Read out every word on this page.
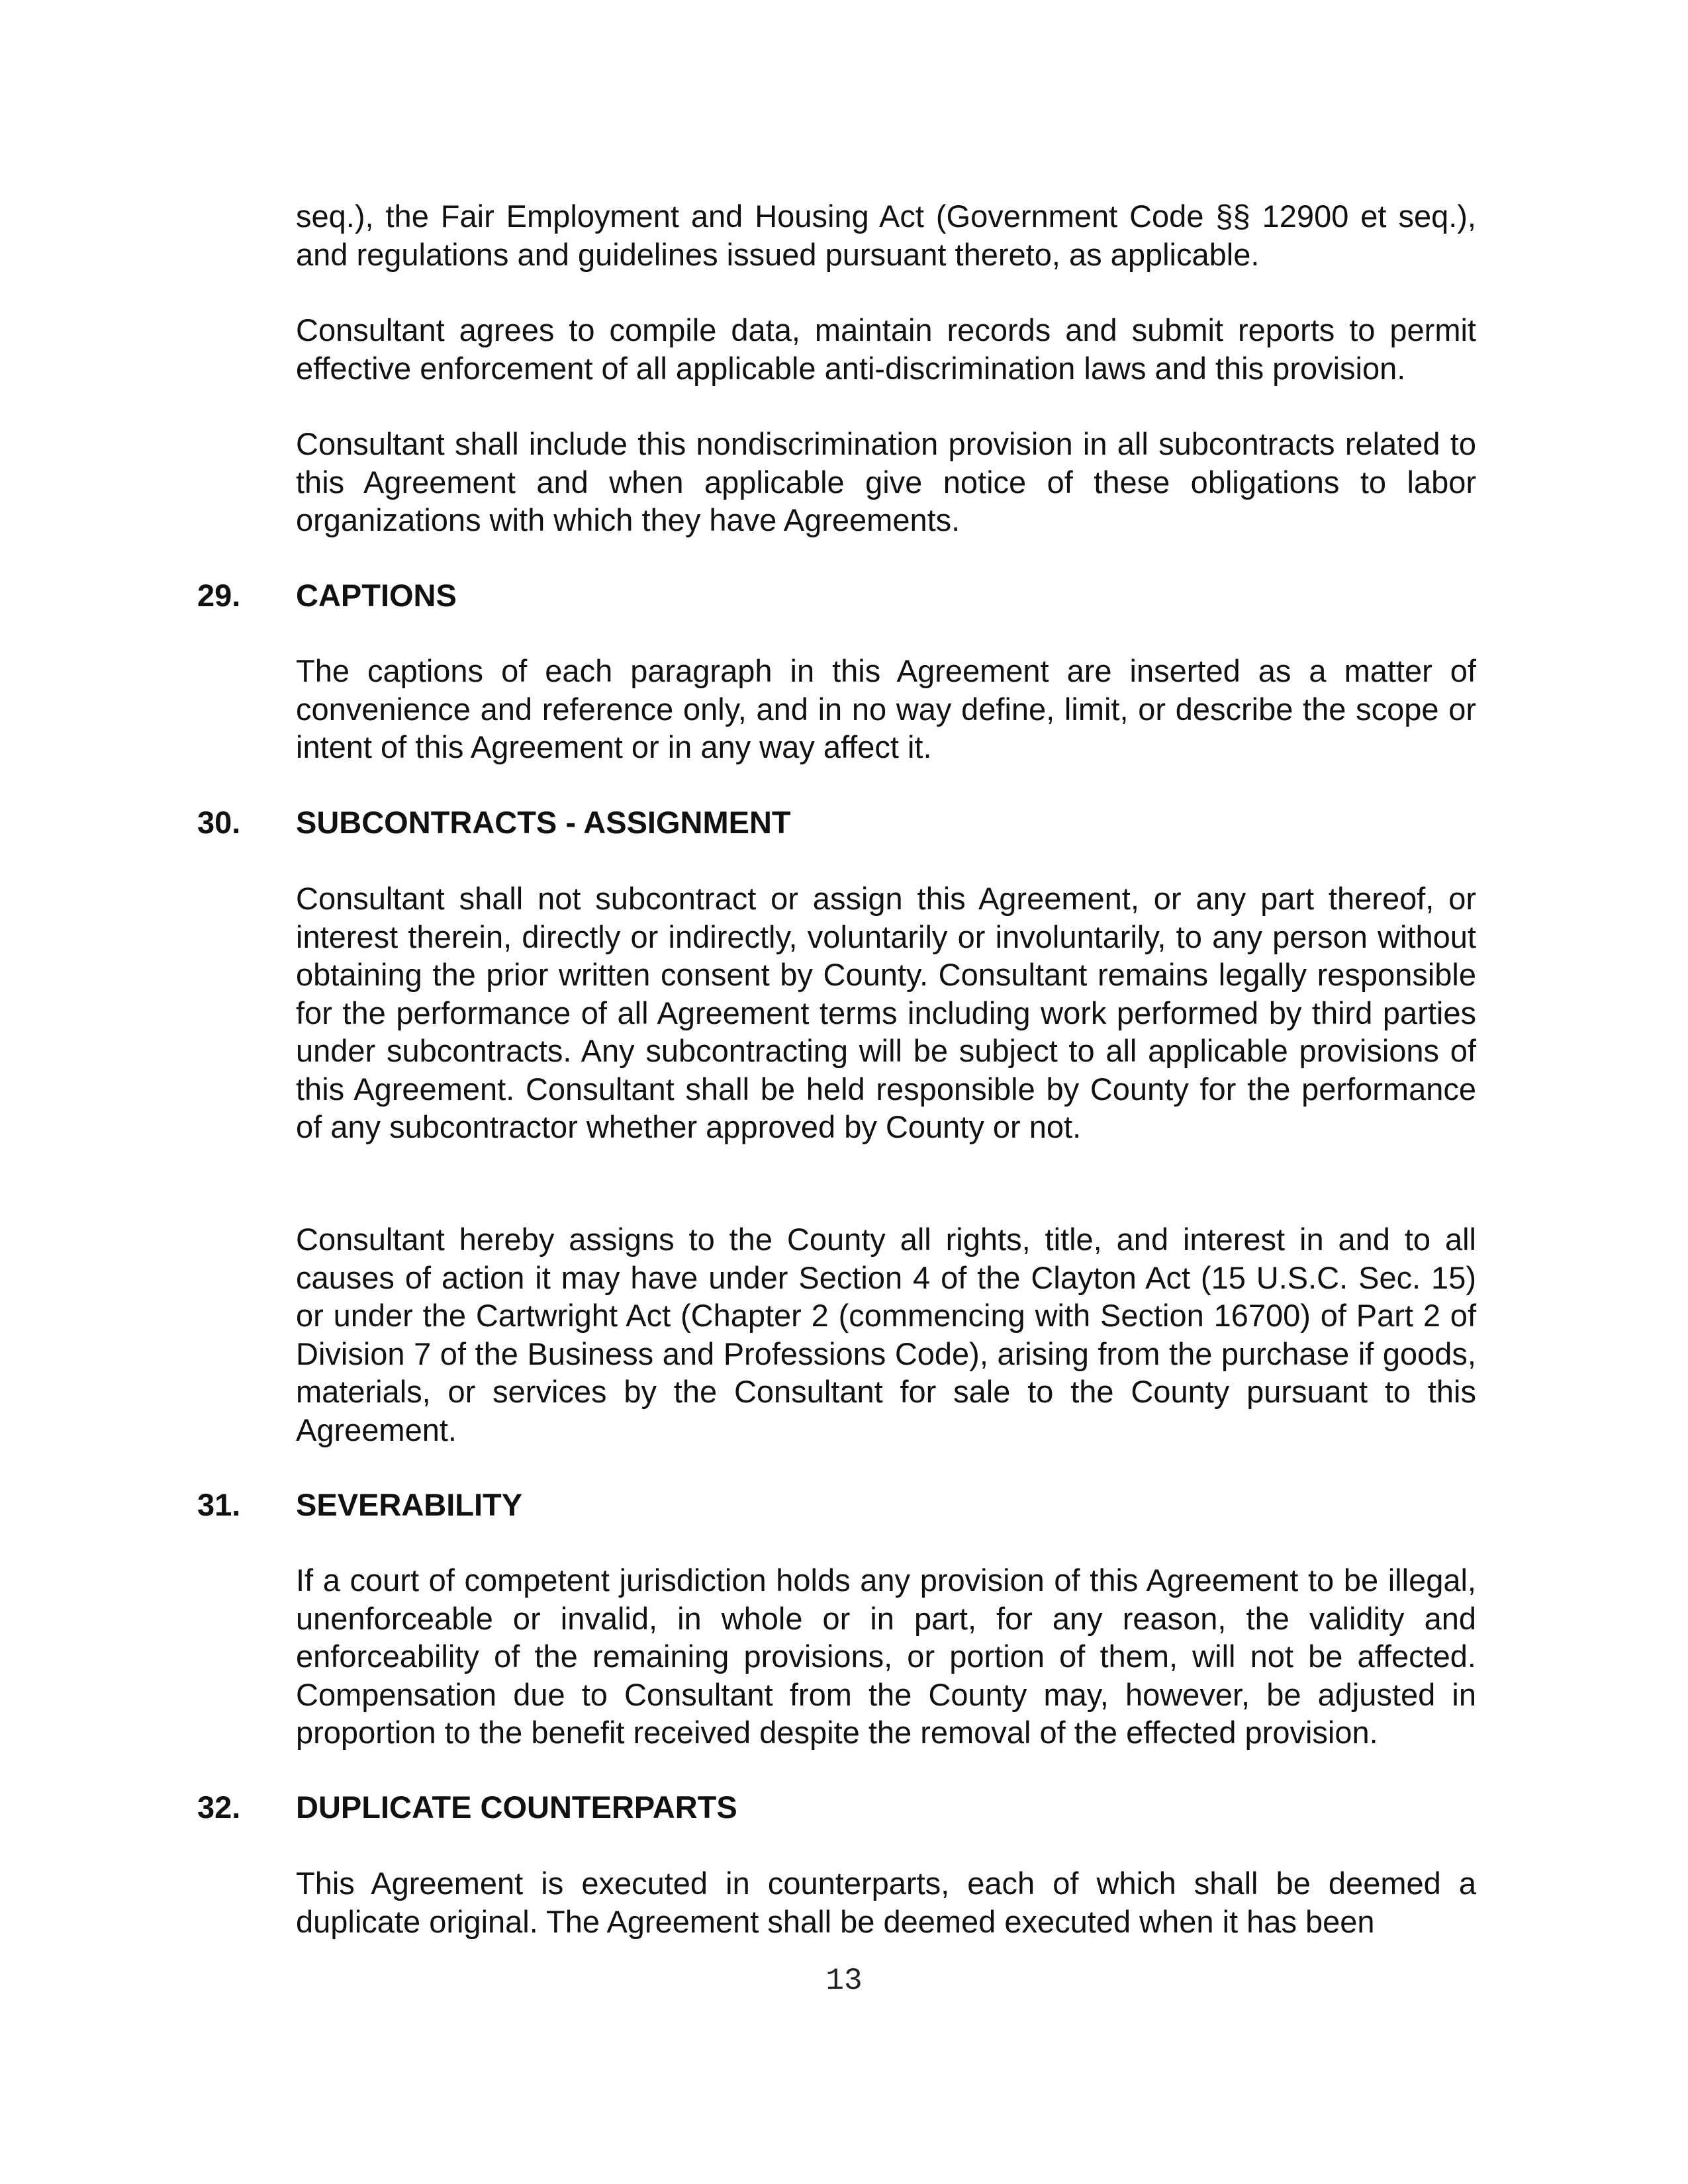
seq.), the Fair Employment and Housing Act (Government Code §§ 12900 et seq.), and regulations and guidelines issued pursuant thereto, as applicable.

Consultant agrees to compile data, maintain records and submit reports to permit effective enforcement of all applicable anti-discrimination laws and this provision.

Consultant shall include this nondiscrimination provision in all subcontracts related to this Agreement and when applicable give notice of these obligations to labor organizations with which they have Agreements.

29. CAPTIONS

The captions of each paragraph in this Agreement are inserted as a matter of convenience and reference only, and in no way define, limit, or describe the scope or intent of this Agreement or in any way affect it.

30. SUBCONTRACTS - ASSIGNMENT

Consultant shall not subcontract or assign this Agreement, or any part thereof, or interest therein, directly or indirectly, voluntarily or involuntarily, to any person without obtaining the prior written consent by County. Consultant remains legally responsible for the performance of all Agreement terms including work performed by third parties under subcontracts. Any subcontracting will be subject to all applicable provisions of this Agreement. Consultant shall be held responsible by County for the performance of any subcontractor whether approved by County or not.

Consultant hereby assigns to the County all rights, title, and interest in and to all causes of action it may have under Section 4 of the Clayton Act (15 U.S.C. Sec. 15) or under the Cartwright Act (Chapter 2 (commencing with Section 16700) of Part 2 of Division 7 of the Business and Professions Code), arising from the purchase if goods, materials, or services by the Consultant for sale to the County pursuant to this Agreement.

31. SEVERABILITY

If a court of competent jurisdiction holds any provision of this Agreement to be illegal, unenforceable or invalid, in whole or in part, for any reason, the validity and enforceability of the remaining provisions, or portion of them, will not be affected. Compensation due to Consultant from the County may, however, be adjusted in proportion to the benefit received despite the removal of the effected provision.

32. DUPLICATE COUNTERPARTS

This Agreement is executed in counterparts, each of which shall be deemed a duplicate original. The Agreement shall be deemed executed when it has been

13
